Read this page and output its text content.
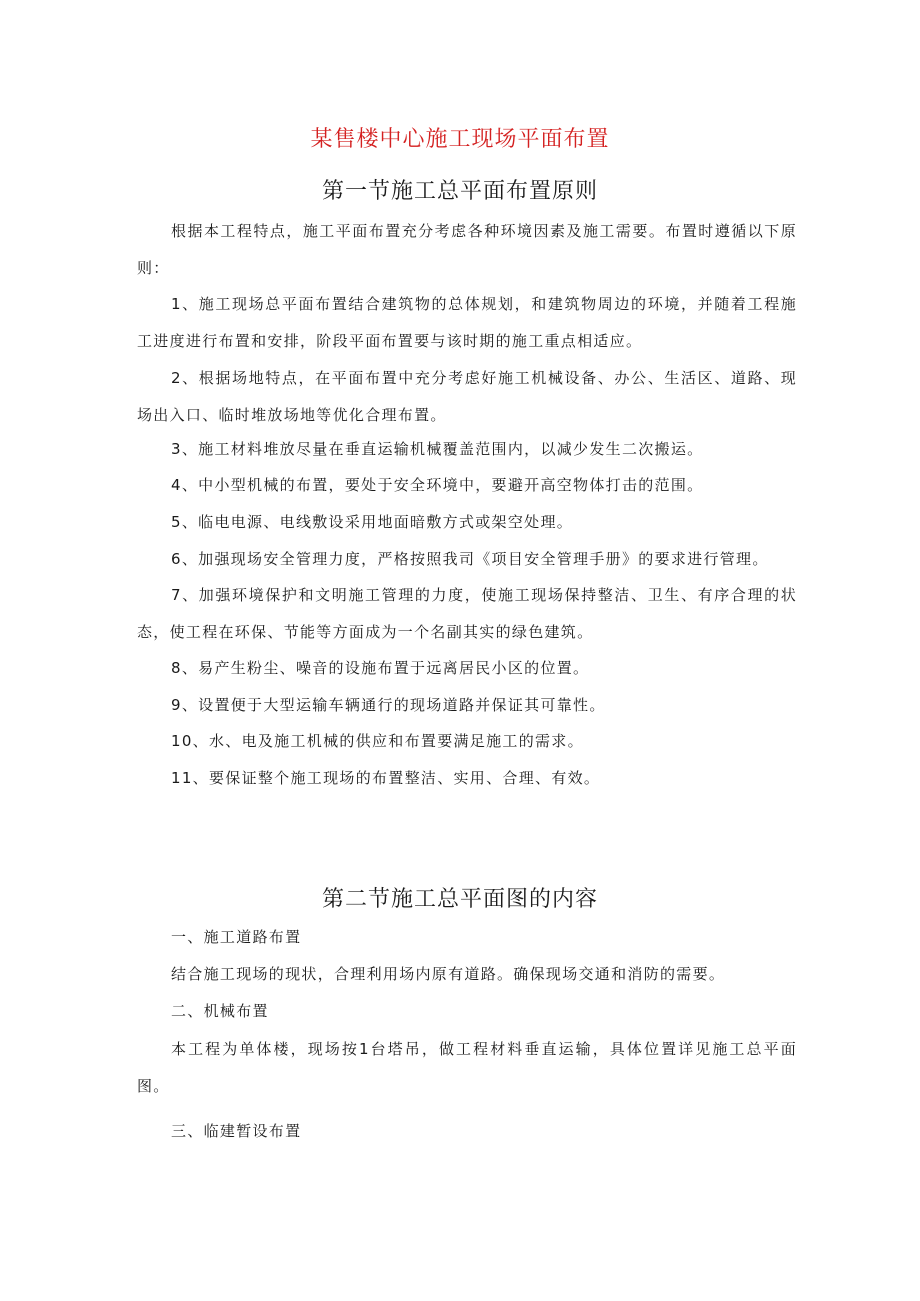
某售楼中心施工现场平面布置
第一节施工总平面布置原则

根据本工程特点，施工平面布置充分考虑各种环境因素及施工需要。布置时遵循以下原则：

1、施工现场总平面布置结合建筑物的总体规划，和建筑物周边的环境，并随着工程施工进度进行布置和安排，阶段平面布置要与该时期的施工重点相适应。

2、根据场地特点，在平面布置中充分考虑好施工机械设备、办公、生活区、道路、现场出入口、临时堆放场地等优化合理布置。

3、施工材料堆放尽量在垂直运输机械覆盖范围内，以减少发生二次搬运。

4、中小型机械的布置，要处于安全环境中，要避开高空物体打击的范围。

5、临电电源、电线敷设采用地面暗敷方式或架空处理。

6、加强现场安全管理力度，严格按照我司《项目安全管理手册》的要求进行管理。

7、加强环境保护和文明施工管理的力度，使施工现场保持整洁、卫生、有序合理的状态，使工程在环保、节能等方面成为一个名副其实的绿色建筑。

8、易产生粉尘、噪音的设施布置于远离居民小区的位置。

9、设置便于大型运输车辆通行的现场道路并保证其可靠性。

10、水、电及施工机械的供应和布置要满足施工的需求。

11、要保证整个施工现场的布置整洁、实用、合理、有效。

第二节施工总平面图的内容

一、施工道路布置

结合施工现场的现状，合理利用场内原有道路。确保现场交通和消防的需要。

二、机械布置

本工程为单体楼，现场按1台塔吊，做工程材料垂直运输，具体位置详见施工总平面图。

三、临建暂设布置
